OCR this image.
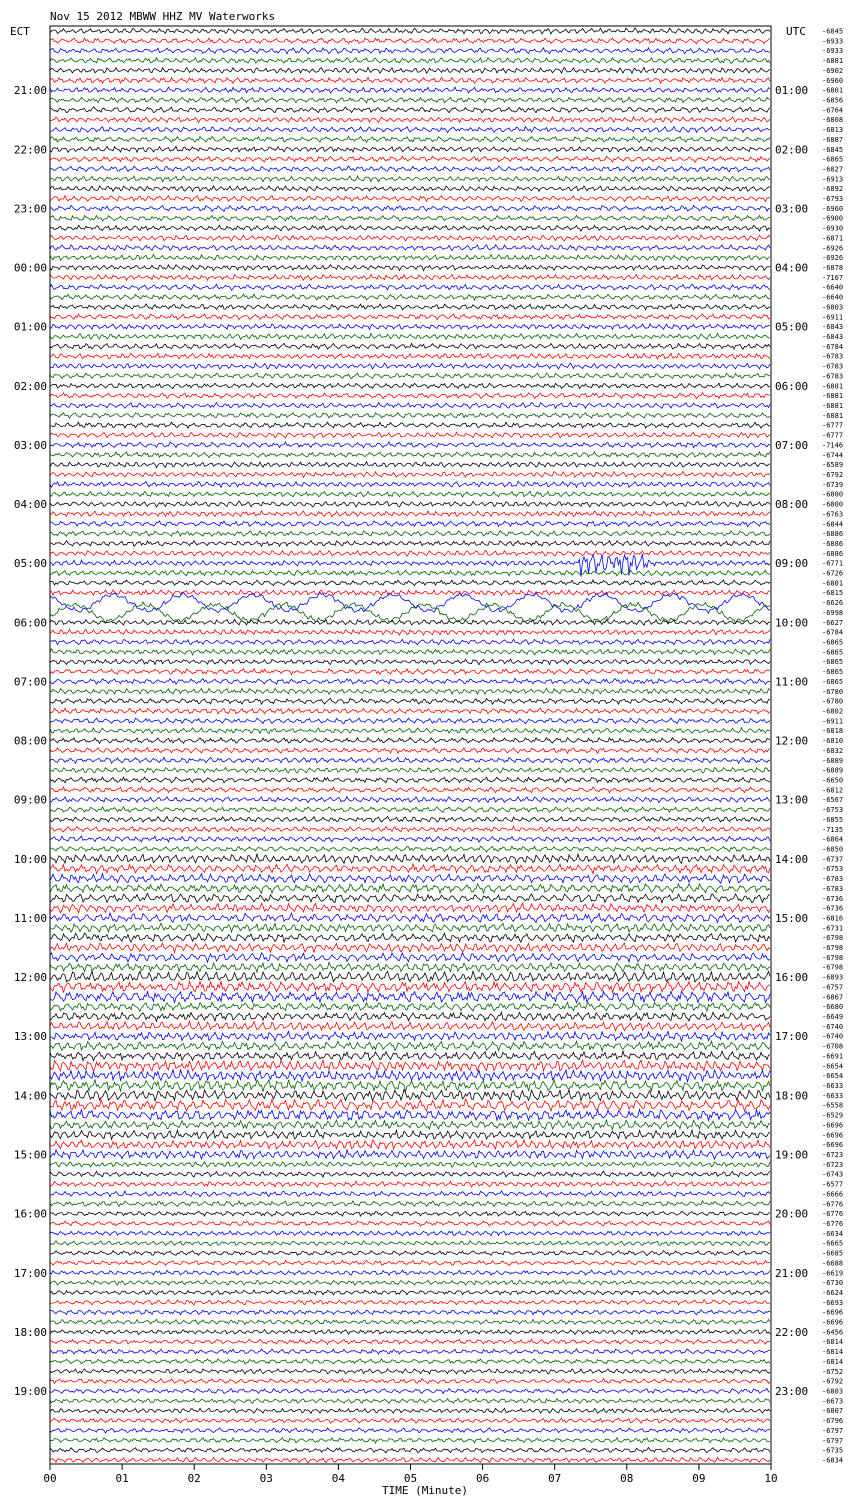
Nov 15 2012 MBWW HHZ MV Waterworks
ECT	UTC
21:00
22:00
23:00
00:00
01:00
02:00
03:00
04:00
05:00
06:00
07:00
08:00
09:00
10:00
11:00
12:00
13:00
14:00
15:00
16:00
17:00
18:00
19:00
01:00
02:00
03:00
04:00
05:00
06:00
07:00
08:00
09:00
10:00
11:00
12:00
13:00
14:00
15:00
16:00
17:00
18:00
19:00
20:00
21:00
22:00
23:00
-6845
-6933
-6933
-6881
-6902
-6960
-6801
-6856
-6764
-6808
-6813
-6887
-6845
-6865
-6827
-6913
-6892
-6793
-6960
-6900
-6930
-6871
-6926
-6926
-6878
-7167
-6640
-6640
-6803
-6911
-6843
-6843
-6784
-6783
-6783
-6783
-6881
-6881
-6881
-6881
-6777
-6777
-7146
-6744
-6589
-6792
-6739
-6800
-6800
-6763
-6844
-6886
-6886
-6886
-6771
-6726
-6801
-6815
-6626
-6998
-6627
-6784
-6865
-6865
-6865
-6865
-6865
-6780
-6780
-6802
-6911
-6818
-6810
-6832
-6889
-6889
-6650
-6812
-6567
-6753
-6855
-7135
-6864
-6850
-6737
-6753
-6783
-6783
-6736
-6736
-6816
-6731
-6798
-6798
-6798
-6798
-6893
-6757
-6867
-6680
-6649
-6740
-6740
-6708
-6691
-6654
-6654
-6633
-6633
-6558
-6529
-6696
-6696
-6696
-6723
-6723
-6743
-6577
-6666
-6776
-6776
-6776
-6634
-6665
-6685
-6688
-6619
-6730
-6624
-6693
-6696
-6696
-6456
-6814
-6814
-6814
-6752
-6792
-6803
-6673
-6807
-6796
-6797
-6797
-6735
-6834
00	01	02	03	04	05	06	07	08	09	10
TIME (Minute)
